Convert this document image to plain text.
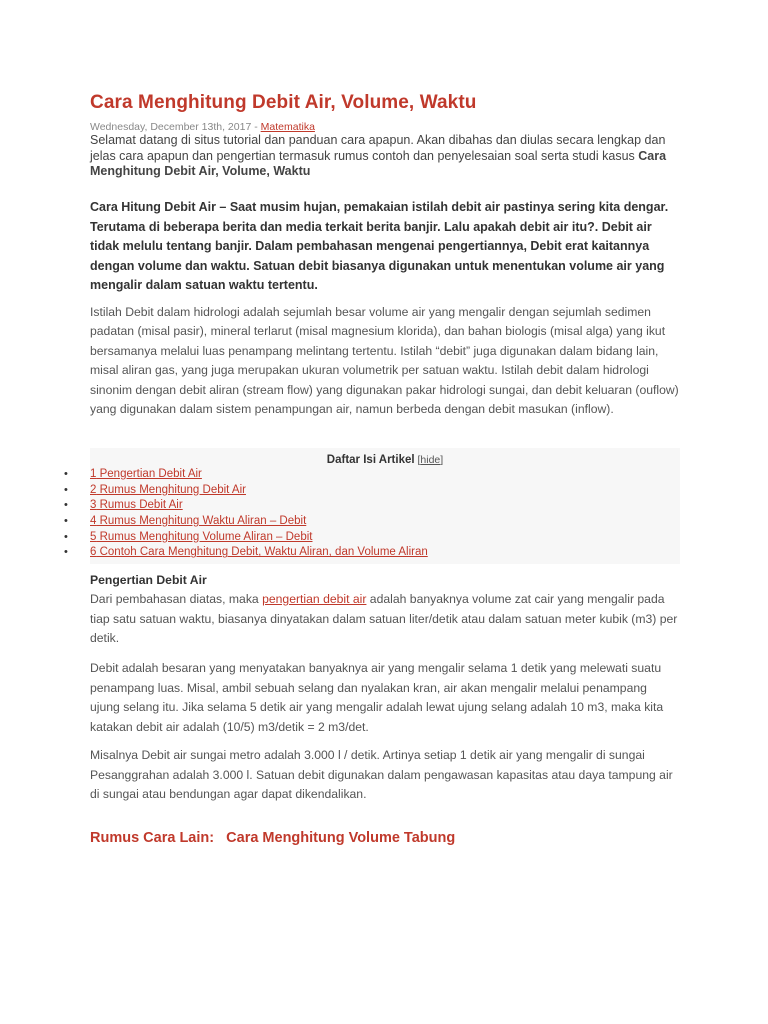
Cara Menghitung Debit Air, Volume, Waktu
Wednesday, December 13th, 2017 - Matematika
Selamat datang di situs tutorial dan panduan cara apapun. Akan dibahas dan diulas secara lengkap dan jelas cara apapun dan pengertian termasuk rumus contoh dan penyelesaian soal serta studi kasus Cara Menghitung Debit Air, Volume, Waktu
Cara Hitung Debit Air – Saat musim hujan, pemakaian istilah debit air pastinya sering kita dengar. Terutama di beberapa berita dan media terkait berita banjir. Lalu apakah debit air itu?. Debit air tidak melulu tentang banjir. Dalam pembahasan mengenai pengertiannya, Debit erat kaitannya dengan volume dan waktu. Satuan debit biasanya digunakan untuk menentukan volume air yang mengalir dalam satuan waktu tertentu.
Istilah Debit dalam hidrologi adalah sejumlah besar volume air yang mengalir dengan sejumlah sedimen padatan (misal pasir), mineral terlarut (misal magnesium klorida), dan bahan biologis (misal alga) yang ikut bersamanya melalui luas penampang melintang tertentu. Istilah “debit” juga digunakan dalam bidang lain, misal aliran gas, yang juga merupakan ukuran volumetrik per satuan waktu. Istilah debit dalam hidrologi sinonim dengan debit aliran (stream flow) yang digunakan pakar hidrologi sungai, dan debit keluaran (ouflow) yang digunakan dalam sistem penampungan air, namun berbeda dengan debit masukan (inflow).
Daftar Isi Artikel [hide]
• 1 Pengertian Debit Air
• 2 Rumus Menghitung Debit Air
• 3 Rumus Debit Air
• 4 Rumus Menghitung Waktu Aliran – Debit
• 5 Rumus Menghitung Volume Aliran – Debit
• 6 Contoh Cara Menghitung Debit, Waktu Aliran, dan Volume Aliran
Pengertian Debit Air
Dari pembahasan diatas, maka pengertian debit air adalah banyaknya volume zat cair yang mengalir pada tiap satu satuan waktu, biasanya dinyatakan dalam satuan liter/detik atau dalam satuan meter kubik (m3) per detik.
Debit adalah besaran yang menyatakan banyaknya air yang mengalir selama 1 detik yang melewati suatu penampang luas. Misal, ambil sebuah selang dan nyalakan kran, air akan mengalir melalui penampang ujung selang itu. Jika selama 5 detik air yang mengalir adalah lewat ujung selang adalah 10 m3, maka kita katakan debit air adalah (10/5) m3/detik = 2 m3/det.
Misalnya Debit air sungai metro adalah 3.000 l / detik. Artinya setiap 1 detik air yang mengalir di sungai Pesanggrahan adalah 3.000 l. Satuan debit digunakan dalam pengawasan kapasitas atau daya tampung air di sungai atau bendungan agar dapat dikendalikan.
Rumus Cara Lain:   Cara Menghitung Volume Tabung
